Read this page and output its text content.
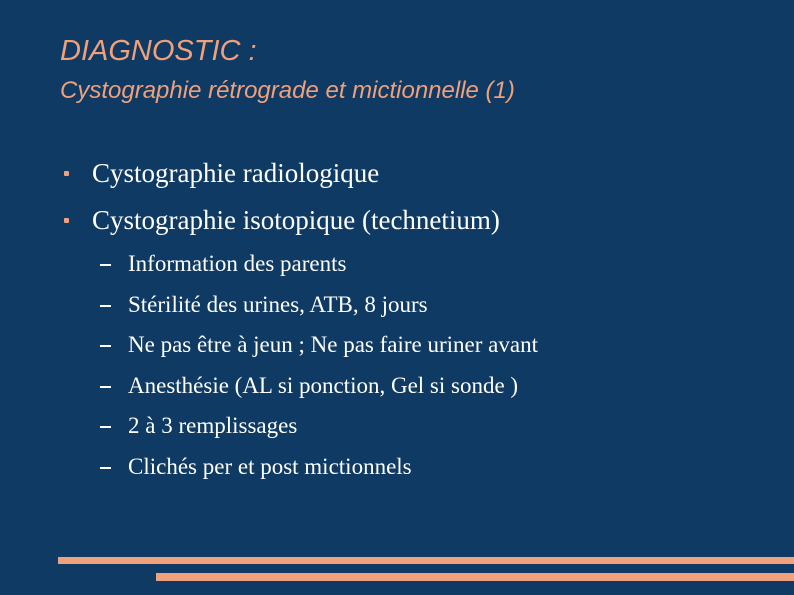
DIAGNOSTIC :
Cystographie rétrograde et mictionnelle (1)
Cystographie radiologique
Cystographie isotopique (technetium)
Information des parents
Stérilité des urines, ATB, 8 jours
Ne pas être à jeun ; Ne pas faire uriner avant
Anesthésie (AL si ponction, Gel si sonde )
2 à 3 remplissages
Clichés per et post mictionnels
